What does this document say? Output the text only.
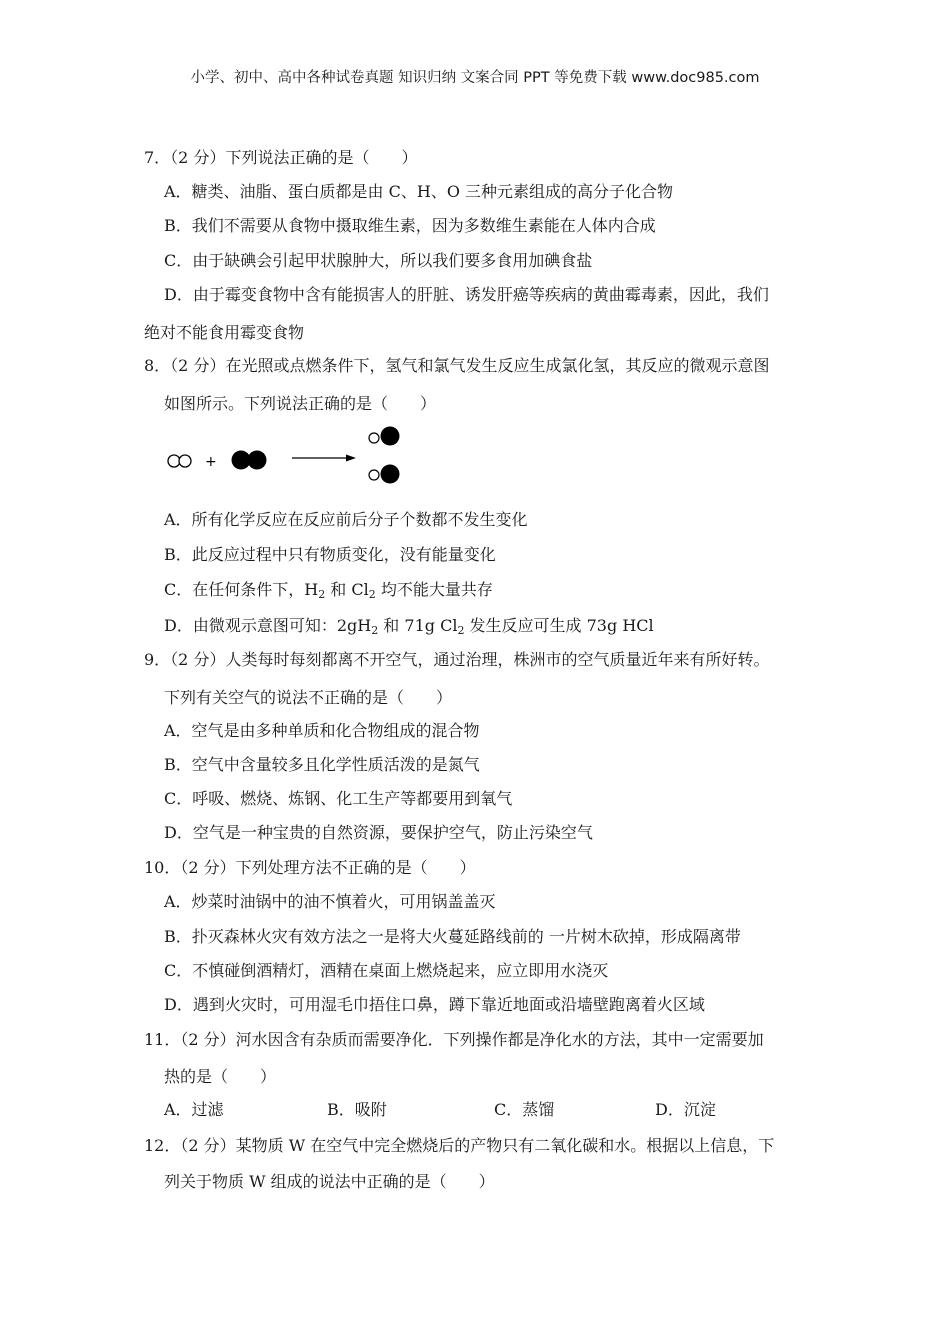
小学、初中、高中各种试卷真题 知识归纳 文案合同 PPT 等免费下载 www.doc985.com
7．（2 分）下列说法正确的是（　　）
A．糖类、油脂、蛋白质都是由 C、H、O 三种元素组成的高分子化合物
B．我们不需要从食物中摄取维生素，因为多数维生素能在人体内合成
C．由于缺碘会引起甲状腺肿大，所以我们要多食用加碘食盐
D．由于霉变食物中含有能损害人的肝脏、诱发肝癌等疾病的黄曲霉毒素，因此，我们
绝对不能食用霉变食物
8．（2 分）在光照或点燃条件下，氢气和氯气发生反应生成氯化氢，其反应的微观示意图
如图所示。下列说法正确的是（　　）
+
A．所有化学反应在反应前后分子个数都不发生变化
B．此反应过程中只有物质变化，没有能量变化
C．在任何条件下，$H_2$ 和 $Cl_2$ 均不能大量共存
D．由微观示意图可知：$2gH_2$ 和 71g $Cl_2$ 发生反应可生成 73g HCl
9．（2 分）人类每时每刻都离不开空气，通过治理，株洲市的空气质量近年来有所好转。
下列有关空气的说法不正确的是（　　）
A．空气是由多种单质和化合物组成的混合物
B．空气中含量较多且化学性质活泼的是氮气
C．呼吸、燃烧、炼钢、化工生产等都要用到氧气
D．空气是一种宝贵的自然资源，要保护空气，防止污染空气
10．（2 分）下列处理方法不正确的是（　　）
A．炒菜时油锅中的油不慎着火，可用锅盖盖灭
B．扑灭森林火灾有效方法之一是将大火蔓延路线前的 一片树木砍掉，形成隔离带
C．不慎碰倒酒精灯，酒精在桌面上燃烧起来，应立即用水浇灭
D．遇到火灾时，可用湿毛巾捂住口鼻，蹲下靠近地面或沿墙壁跑离着火区域
11．（2 分）河水因含有杂质而需要净化．下列操作都是净化水的方法，其中一定需要加
热的是（　　）
A．过滤	B．吸附	C．蒸馏	D．沉淀
12．（2 分）某物质 W 在空气中完全燃烧后的产物只有二氧化碳和水。根据以上信息，下
列关于物质 W 组成的说法中正确的是（　　）
